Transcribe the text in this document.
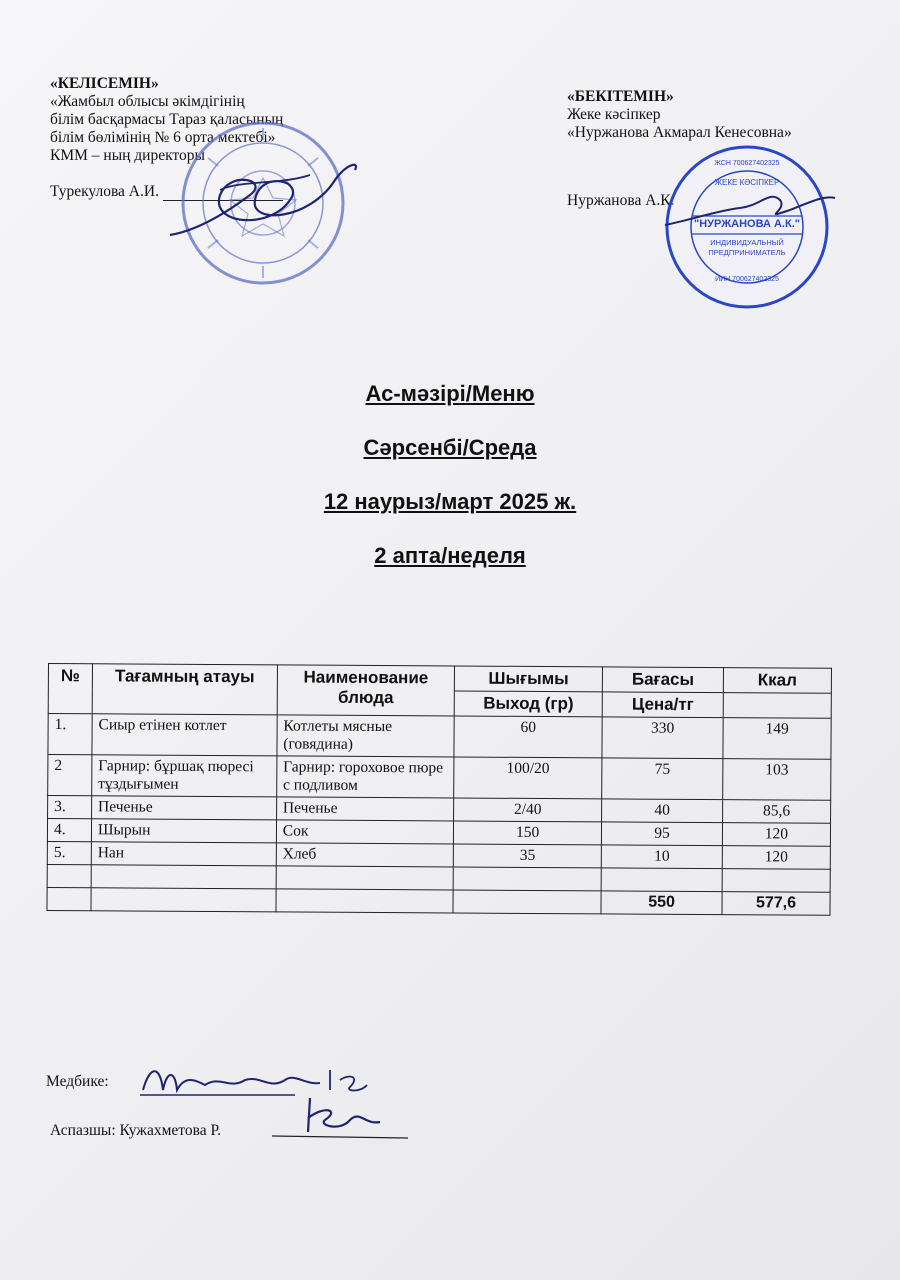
«КЕЛІСЕМІН»
«Жамбыл облысы әкімдігінің
білім басқармасы Тараз қаласының
білім бөлімінің № 6 орта мектебі»
КММ – ның директоры
Турекулова А.И.
«БЕКІТЕМІН»
Жеке кәсіпкер
«Нуржанова Акмарал Кенесовна»
Нуржанова А.К.
ЖЕКЕ КӘСІПКЕР
"НУРЖАНОВА А.К."
ИНДИВИДУАЛЬНЫЙ ПРЕДПРИНИМАТЕЛЬ
ЖСН 700627402325
ИИН 700627402325
Ас-мәзірі/Меню
Сәрсенбі/Среда
12 наурыз/март 2025 ж.
2 апта/неделя
№	Тағамның атауы	Наименование блюда	Шығымы	Бағасы	Ккал
			Выход (гр)	Цена/тг	
1.	Сиыр етінен котлет	Котлеты мясные (говядина)	60	330	149
2	Гарнир: бұршақ пюресі тұздығымен	Гарнир: гороховое пюре с подливом	100/20	75	103
3.	Печенье	Печенье	2/40	40	85,6
4.	Шырын	Сок	150	95	120
5.	Нан	Хлеб	35	10	120

				550	577,6
Медбике:
Аспазшы: Кужахметова Р.
